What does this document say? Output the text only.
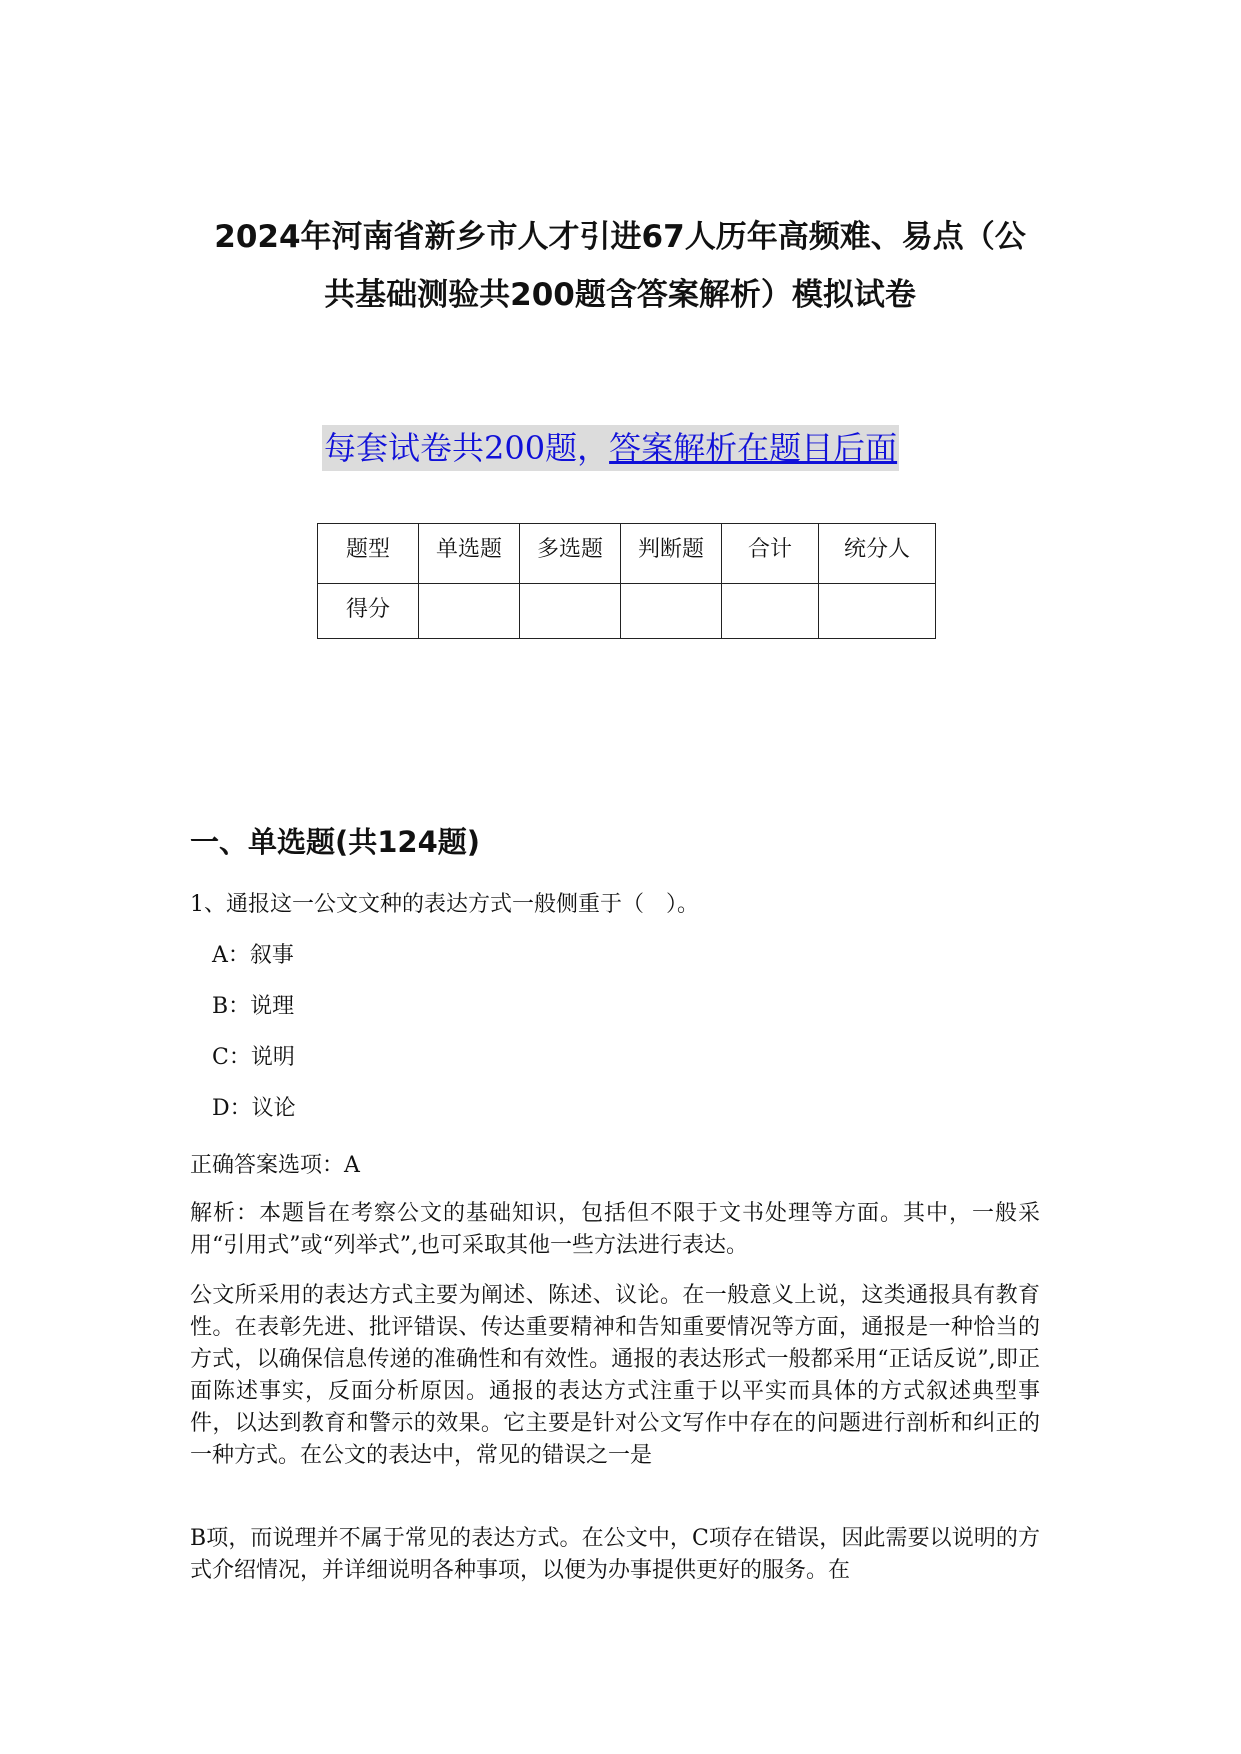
2024年河南省新乡市人才引进67人历年高频难、易点（公
共基础测验共200题含答案解析）模拟试卷
每套试卷共200题，答案解析在题目后面
题型	单选题	多选题	判断题	合计	统分人
得分					
一、单选题(共124题)
1、通报这一公文文种的表达方式一般侧重于（　）。
A：叙事
B：说理
C：说明
D：议论
正确答案选项：A

解析：本题旨在考察公文的基础知识，包括但不限于文书处理等方面。其中，一般采用“引用式”或“列举式”,也可采取其他一些方法进行表达。

公文所采用的表达方式主要为阐述、陈述、议论。在一般意义上说，这类通报具有教育性。在表彰先进、批评错误、传达重要精神和告知重要情况等方面，通报是一种恰当的方式，以确保信息传递的准确性和有效性。通报的表达形式一般都采用“正话反说”,即正面陈述事实，反面分析原因。通报的表达方式注重于以平实而具体的方式叙述典型事件，以达到教育和警示的效果。它主要是针对公文写作中存在的问题进行剖析和纠正的一种方式。在公文的表达中，常见的错误之一是

B项，而说理并不属于常见的表达方式。在公文中，C项存在错误，因此需要以说明的方式介绍情况，并详细说明各种事项，以便为办事提供更好的服务。在
